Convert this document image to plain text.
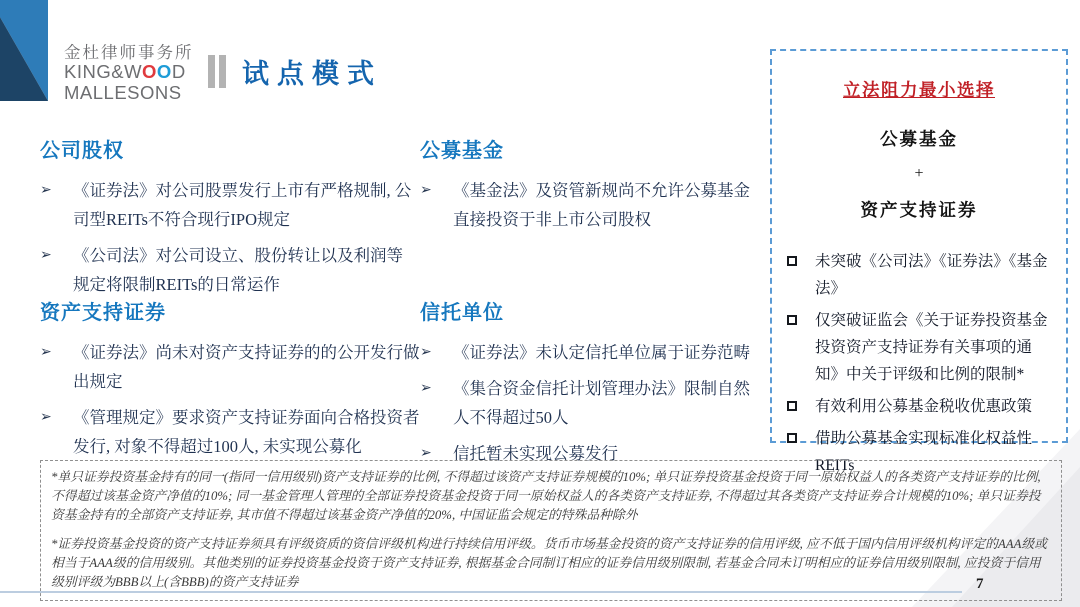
金杜律师事务所
KING&WOOD
MALLESONS
试点模式
公司股权
➢	《证券法》对公司股票发行上市有严格规制, 公司型REITs不符合现行IPO规定
➢	《公司法》对公司设立、股份转让以及利润等规定将限制REITs的日常运作
资产支持证券
➢	《证券法》尚未对资产支持证券的的公开发行做出规定
➢	《管理规定》要求资产支持证券面向合格投资者发行, 对象不得超过100人, 未实现公募化
公募基金
➢	《基金法》及资管新规尚不允许公募基金直接投资于非上市公司股权
信托单位
➢	《证券法》未认定信托单位属于证券范畴
➢	《集合资金信托计划管理办法》限制自然人不得超过50人
➢	信托暂未实现公募发行
立法阻力最小选择
公募基金
+
资产支持证券
未突破《公司法》《证券法》《基金法》
仅突破证监会《关于证券投资基金投资资产支持证券有关事项的通知》中关于评级和比例的限制*
有效利用公募基金税收优惠政策
借助公募基金实现标准化权益性REITs

*单只证券投资基金持有的同一(指同一信用级别)资产支持证券的比例, 不得超过该资产支持证券规模的10%; 单只证券投资基金投资于同一原始权益人的各类资产支持证券的比例, 不得超过该基金资产净值的10%; 同一基金管理人管理的全部证券投资基金投资于同一原始权益人的各类资产支持证券, 不得超过其各类资产支持证券合计规模的10%; 单只证券投资基金持有的全部资产支持证券, 其市值不得超过该基金资产净值的20%, 中国证监会规定的特殊品种除外

*证券投资基金投资的资产支持证券须具有评级资质的资信评级机构进行持续信用评级。货币市场基金投资的资产支持证券的信用评级, 应不低于国内信用评级机构评定的AAA级或相当于AAA级的信用级别。其他类别的证券投资基金投资于资产支持证券, 根据基金合同制订相应的证券信用级别限制, 若基金合同未订明相应的证券信用级别限制, 应投资于信用级别评级为BBB以上(含BBB)的资产支持证券	7
